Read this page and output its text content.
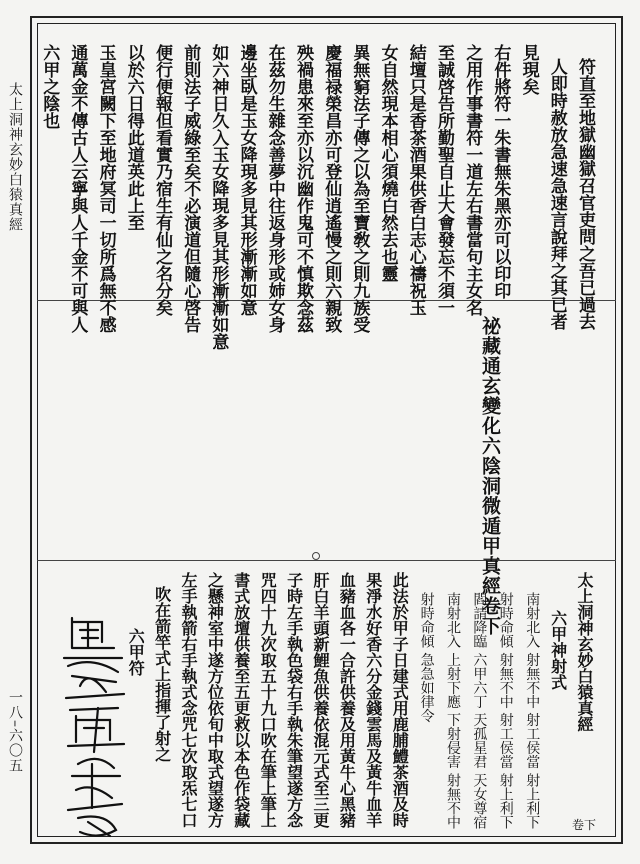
太上洞神玄妙白猿真經
一八–六〇五
符直至地獄幽獄召官吏問之吾已過去
人即時赦放急速急速言說拜之其已者
見現矣
右件將符一朱書無朱黑亦可以印印
之用作事書符一道左右書當句主女名
至誠啓告所勤聖自止大會發忘不須一
結壇只是香茶酒果供香白志心禱祝玉
女自然現本相心須燒白然去也靈
異無窮法子傳之以為至寶敎之則九族受
慶福禄榮昌亦可登仙逍遙慢之則六親致
殃禍患來至亦以沉幽作鬼可不慎欺念茲
在茲勿生雜念善夢中往返身形或姉女身
邊坐臥是玉女降現多見其形漸漸如意
如六神日久入玉女降現多見其形漸漸如意
前則法子威綠至矣不必演道但隨心啓告
便行便報但看實乃宿生有仙之名分矣
以於六日得此道英此上至
玉皇宮闕下至地府冥司一切所爲無不感
通萬金不傳古人云寧與人千金不可與人
六甲之陰也
祕藏通玄變化六陰洞微遁甲真經卷下
太上洞神玄妙白猿真經
六甲神射式
南射北入 射無不中 射工侯當 射上利下
射時命傾 射無不中 射工侯當 射上利下
閻請降臨 六甲六丁 天孤星君 天女尊宿
南射北入 上射下應 下射侵害 射無不中
射時命傾 急急如律令
此法於甲子日建式用鹿脯鱧茶酒及時
果淨水好香六分金錢雲馬及黃牛血羊
血豬血各一合許供養及用黃牛心黑豬
肝白羊頭新鯉魚供養依混元式至三更
子時左手執色袋右手執朱筆望遂方念
咒四十九次取五十九口吹在筆上筆上
書式放壇供養至五更救以本色作袋藏
之懸神室中遂方位依旬中取式望遂方
左手執箭右手執式念咒七次取炁七口
吹在箭竿式上指揮了射之
六甲符
卷下
